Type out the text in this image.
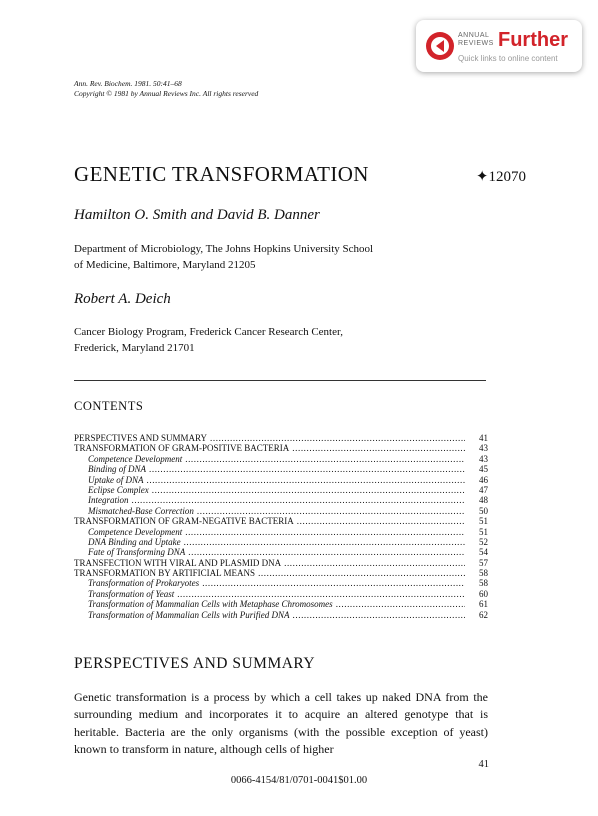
ANNUAL
REVIEWS Further
Quick links to online content
Ann. Rev. Biochem. 1981. 50:41–68
Copyright © 1981 by Annual Reviews Inc. All rights reserved
GENETIC TRANSFORMATION	✦12070
Hamilton O. Smith and David B. Danner
Department of Microbiology, The Johns Hopkins University School
of Medicine, Baltimore, Maryland 21205
Robert A. Deich
Cancer Biology Program, Frederick Cancer Research Center,
Frederick, Maryland 21701
CONTENTS
PERSPECTIVES AND SUMMARY .....	41
TRANSFORMATION OF GRAM-POSITIVE BACTERIA .....	43
Competence Development .....	43
Binding of DNA .....	45
Uptake of DNA .....	46
Eclipse Complex .....	47
Integration .....	48
Mismatched-Base Correction .....	50
TRANSFORMATION OF GRAM-NEGATIVE BACTERIA .....	51
Competence Development .....	51
DNA Binding and Uptake .....	52
Fate of Transforming DNA .....	54
TRANSFECTION WITH VIRAL AND PLASMID DNA .....	57
TRANSFORMATION BY ARTIFICIAL MEANS .....	58
Transformation of Prokaryotes .....	58
Transformation of Yeast .....	60
Transformation of Mammalian Cells with Metaphase Chromosomes .....	61
Transformation of Mammalian Cells with Purified DNA .....	62
PERSPECTIVES AND SUMMARY
Genetic transformation is a process by which a cell takes up naked DNA from the surrounding medium and incorporates it to acquire an altered genotype that is heritable. Bacteria are the only organisms (with the possible exception of yeast) known to transform in nature, although cells of higher
41
0066-4154/81/0701-0041$01.00
